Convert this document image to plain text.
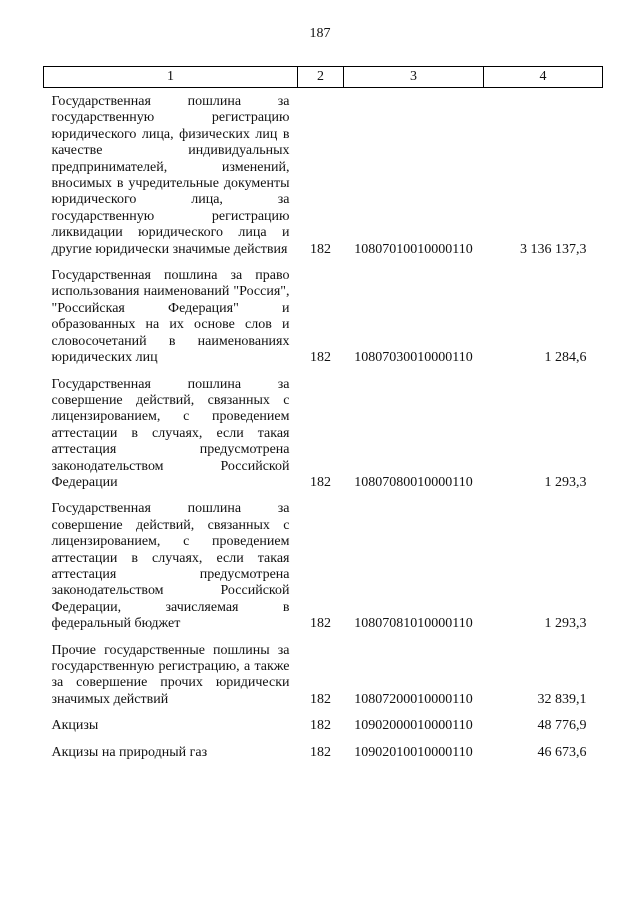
187
1	2	3	4
Государственная пошлина за государственную регистрацию юридического лица, физических лиц в качестве индивидуальных предпринимателей, изменений, вносимых в учредительные документы юридического лица, за государственную регистрацию ликвидации юридического лица и другие юридически значимые действия	182	10807010010000110	3 136 137,3
Государственная пошлина за право использования наименований "Россия", "Российская Федерация" и образованных на их основе слов и словосочетаний в наименованиях юридических лиц	182	10807030010000110	1 284,6
Государственная пошлина за совершение действий, связанных с лицензированием, с проведением аттестации в случаях, если такая аттестация предусмотрена законодательством Российской Федерации	182	10807080010000110	1 293,3
Государственная пошлина за совершение действий, связанных с лицензированием, с проведением аттестации в случаях, если такая аттестация предусмотрена законодательством Российской Федерации, зачисляемая в федеральный бюджет	182	10807081010000110	1 293,3
Прочие государственные пошлины за государственную регистрацию, а также за совершение прочих юридически значимых действий	182	10807200010000110	32 839,1
Акцизы	182	10902000010000110	48 776,9
Акцизы на природный газ	182	10902010010000110	46 673,6
